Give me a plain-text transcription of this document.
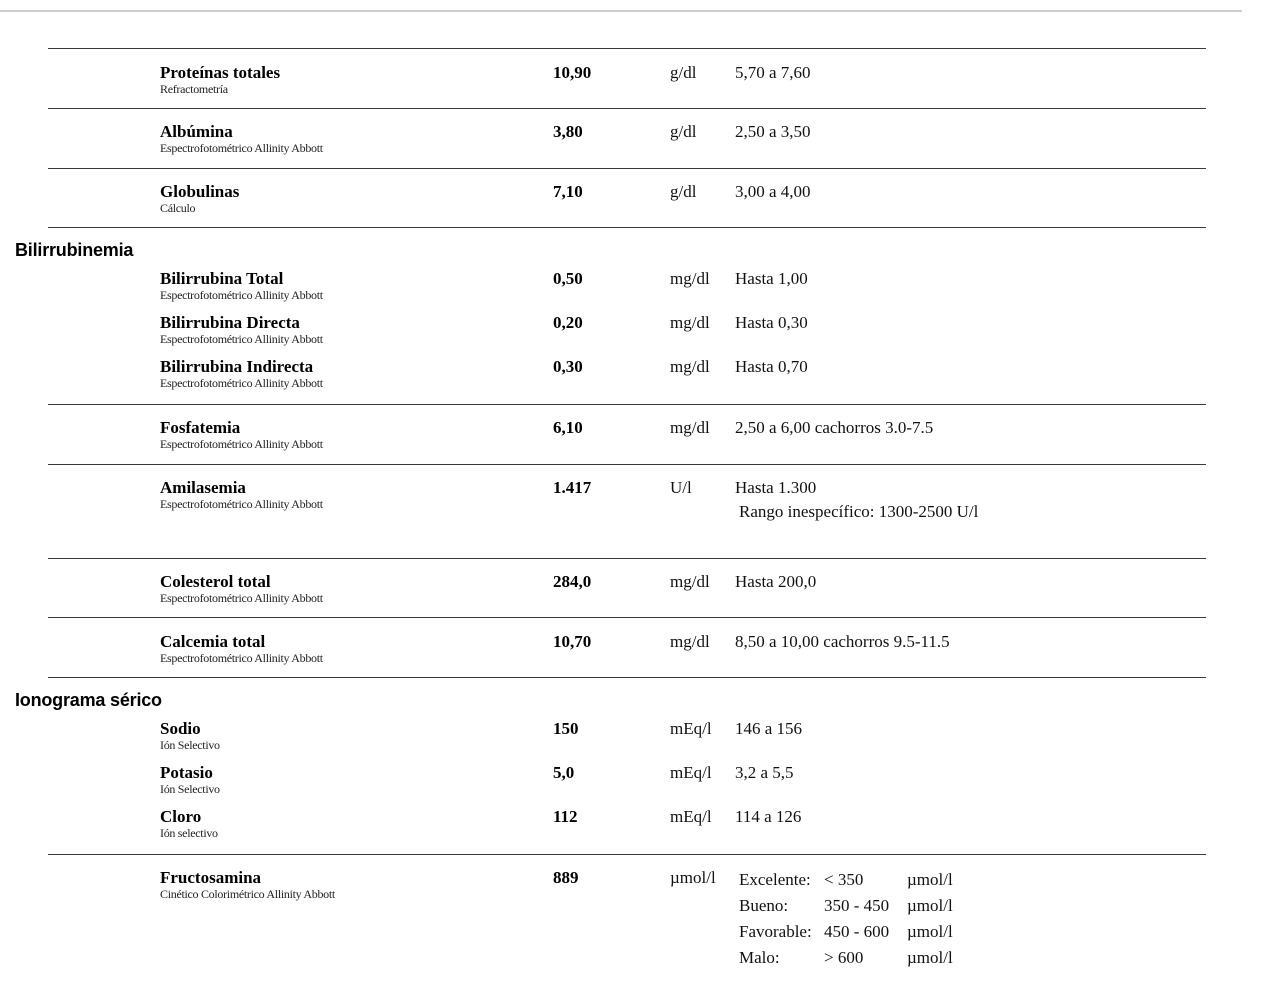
Proteínas totales
Refractometría
10,90	g/dl 5,70 a 7,60
Albúmina
Espectrofotométrico Allinity Abbott
3,80	g/dl 2,50 a 3,50
Globulinas
Cálculo
7,10	g/dl 3,00 a 4,00
Bilirrubinemia
Bilirrubina Total
Espectrofotométrico Allinity Abbott
0,50	mg/dl Hasta 1,00
Bilirrubina Directa
Espectrofotométrico Allinity Abbott
0,20	mg/dl Hasta 0,30
Bilirrubina Indirecta
Espectrofotométrico Allinity Abbott
0,30	mg/dl Hasta 0,70
Fosfatemia
Espectrofotométrico Allinity Abbott
6,10	mg/dl 2,50 a 6,00 cachorros 3.0-7.5
Amilasemia
Espectrofotométrico Allinity Abbott
1.417	U/l	Hasta 1.300
Rango inespecífico: 1300-2500 U/l
Colesterol total
Espectrofotométrico Allinity Abbott
284,0	mg/dl Hasta 200,0
Calcemia total
Espectrofotométrico Allinity Abbott
10,70	mg/dl 8,50 a 10,00 cachorros 9.5-11.5
Ionograma sérico
Sodio
Ión Selectivo
150	mEq/l 146 a 156
Potasio
Ión Selectivo
5,0	mEq/l 3,2 a 5,5
Cloro
Ión selectivo
112	mEq/l 114 a 126
Fructosamina
Cinético Colorimétrico Allinity Abbott
889	µmol/l Excelente:	< 350	µmol/l
Bueno:	350 - 450	µmol/l
Favorable:	450 - 600	µmol/l
Malo:	> 600	µmol/l
